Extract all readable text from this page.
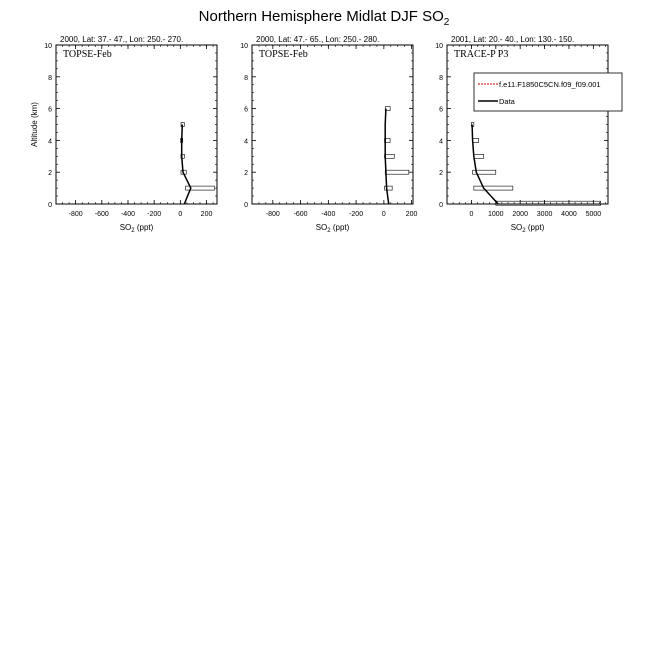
Northern Hemisphere Midlat DJF $SO_2$
2000, Lat: 37.- 47., Lon: 250.- 270.
0
2
4
6
8
10
-800 -600 -400 -200 0	200
TOPSE-Feb
$SO_2$ (ppt)
Altitude (km)
2000, Lat: 47.- 65., Lon: 250.- 280.
0
2
4
6
8
10
-800 -600 -400 -200	0	200
TOPSE-Feb
$SO_2$ (ppt)
2001, Lat: 20.- 40., Lon: 130.- 150.
0
2
4
6
8
10
0 1000 2000 3000 4000 5000
TRACE-P P3
$SO_2$ (ppt)
f.e11.F1850C5CN.f09_f09.001
Data
